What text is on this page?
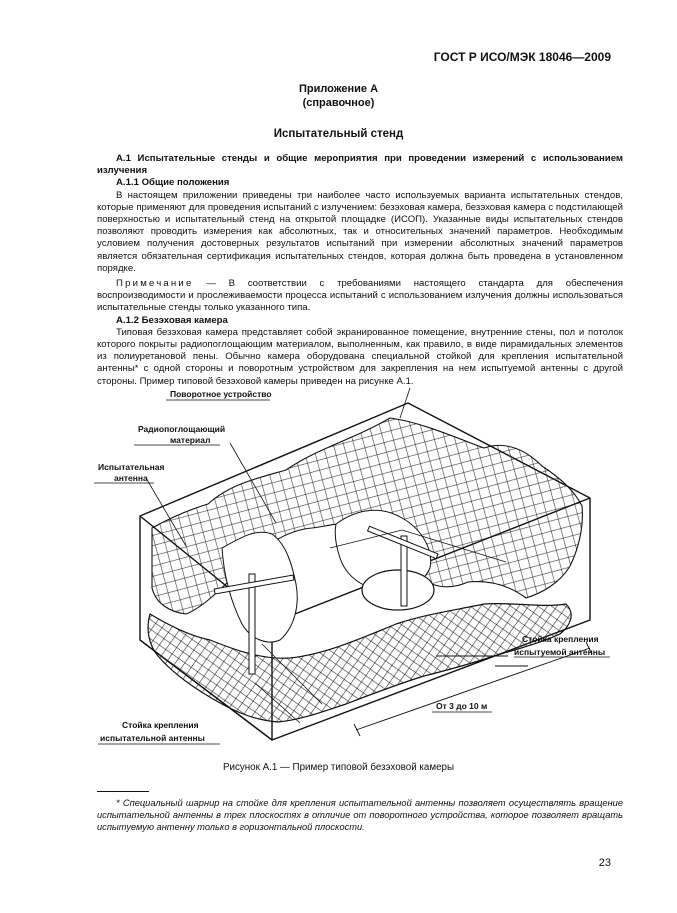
ГОСТ Р ИСО/МЭК 18046—2009
Приложение А
(справочное)
Испытательный стенд

А.1 Испытательные стенды и общие мероприятия при проведении измерений с использованием излучения

А.1.1 Общие положения

В настоящем приложении приведены три наиболее часто используемых варианта испытательных стендов, которые применяют для проведения испытаний с излучением: безэховая камера, безэховая камера с подстилающей поверхностью и испытательный стенд на открытой площадке (ИСОП). Указанные виды испытательных стендов позволяют проводить измерения как абсолютных, так и относительных значений параметров. Необходимым условием получения достоверных результатов испытаний при измерении абсолютных значений параметров является обязательная сертификация испытательных стендов, которая должна быть проведена в установленном порядке.

Примечание — В соответствии с требованиями настоящего стандарта для обеспечения воспроизводимости и прослеживаемости процесса испытаний с использованием излучения должны использоваться испытательные стенды только указанного типа.

А.1.2 Безэховая камера

Типовая безэховая камера представляет собой экранированное помещение, внутренние стены, пол и потолок которого покрыты радиопоглощающим материалом, выполненным, как правило, в виде пирамидальных элементов из полиуретановой пены. Обычно камера оборудована специальной стойкой для крепления испытательной антенны* с одной стороны и поворотным устройством для закрепления на нем испытуемой антенны с другой стороны. Пример типовой безэховой камеры приведен на рисунке А.1.

Поворотное устройство
Радиопоглощающий
материал
Испытательная
антенна
Стойка крепления
испытуемой антенны
От 3 до 10 м
Стойка крепления
испытательной антенны
Рисунок А.1 — Пример типовой безэховой камеры
* Специальный шарнир на стойке для крепления испытательной антенны позволяет осуществлять вращение испытательной антенны в трех плоскостях в отличие от поворотного устройства, которое позволяет вращать испытуемую антенну только в горизонтальной плоскости.
23
